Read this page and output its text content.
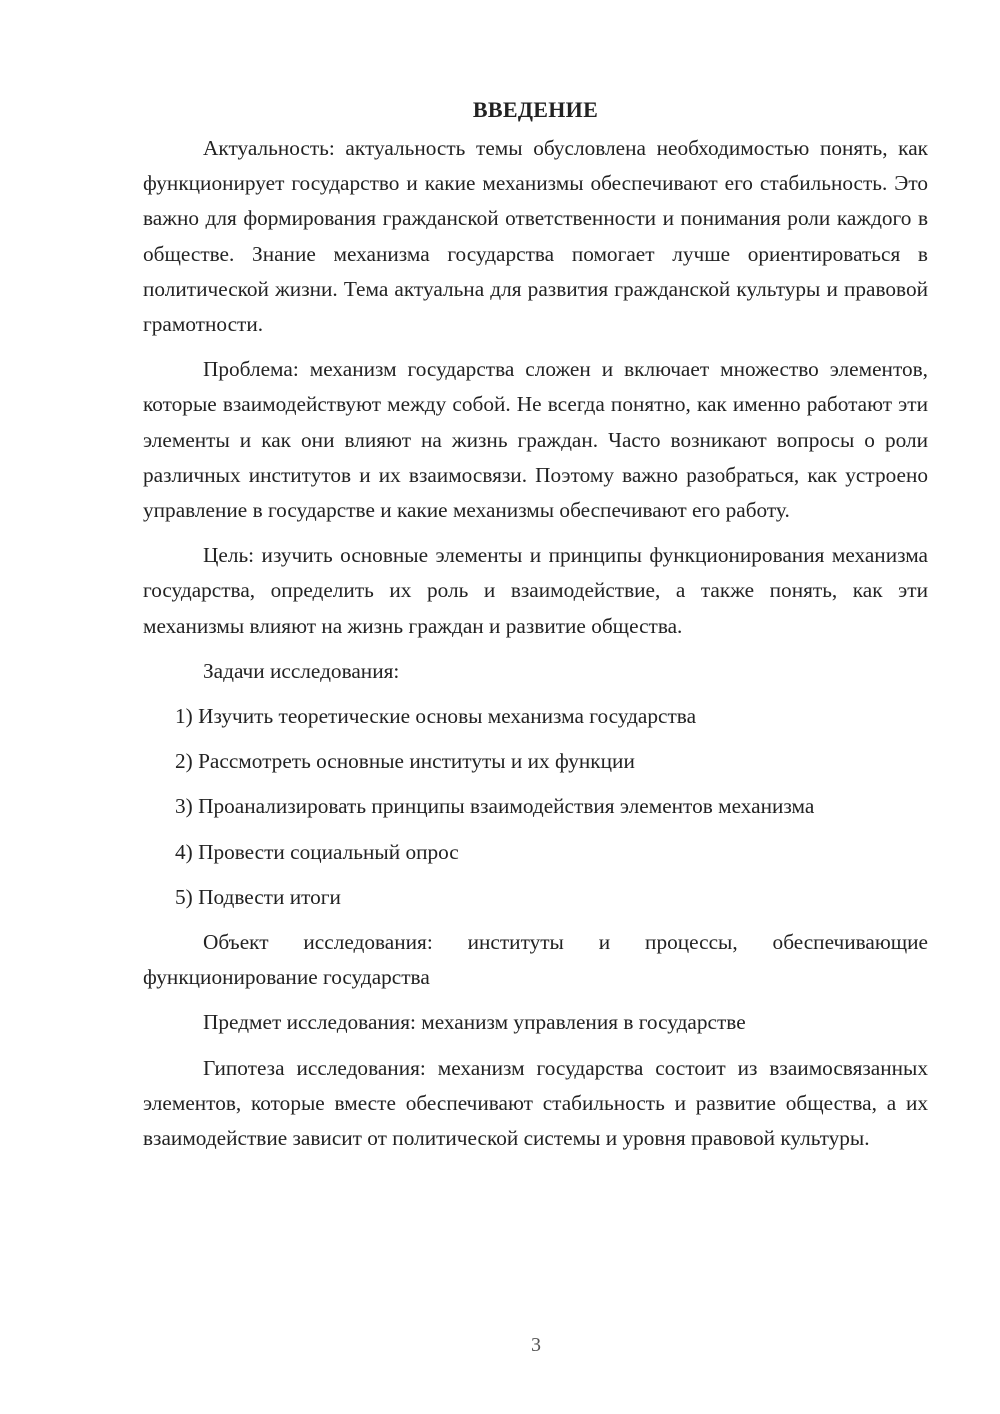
ВВЕДЕНИЕ

Актуальность: актуальность темы обусловлена необходимостью понять, как функционирует государство и какие механизмы обеспечивают его стабильность. Это важно для формирования гражданской ответственности и понимания роли каждого в обществе. Знание механизма государства помогает лучше ориентироваться в политической жизни. Тема актуальна для развития гражданской культуры и правовой грамотности.

Проблема: механизм государства сложен и включает множество элементов, которые взаимодействуют между собой. Не всегда понятно, как именно работают эти элементы и как они влияют на жизнь граждан. Часто возникают вопросы о роли различных институтов и их взаимосвязи. Поэтому важно разобраться, как устроено управление в государстве и какие механизмы обеспечивают его работу.

Цель: изучить основные элементы и принципы функционирования механизма государства, определить их роль и взаимодействие, а также понять, как эти механизмы влияют на жизнь граждан и развитие общества.

Задачи исследования:
1) Изучить теоретические основы механизма государства
2) Рассмотреть основные институты и их функции
3) Проанализировать принципы взаимодействия элементов механизма
4) Провести социальный опрос
5) Подвести итоги

Объект исследования: институты и процессы, обеспечивающие функционирование государства

Предмет исследования: механизм управления в государстве

Гипотеза исследования: механизм государства состоит из взаимосвязанных элементов, которые вместе обеспечивают стабильность и развитие общества, а их взаимодействие зависит от политической системы и уровня правовой культуры.

3
